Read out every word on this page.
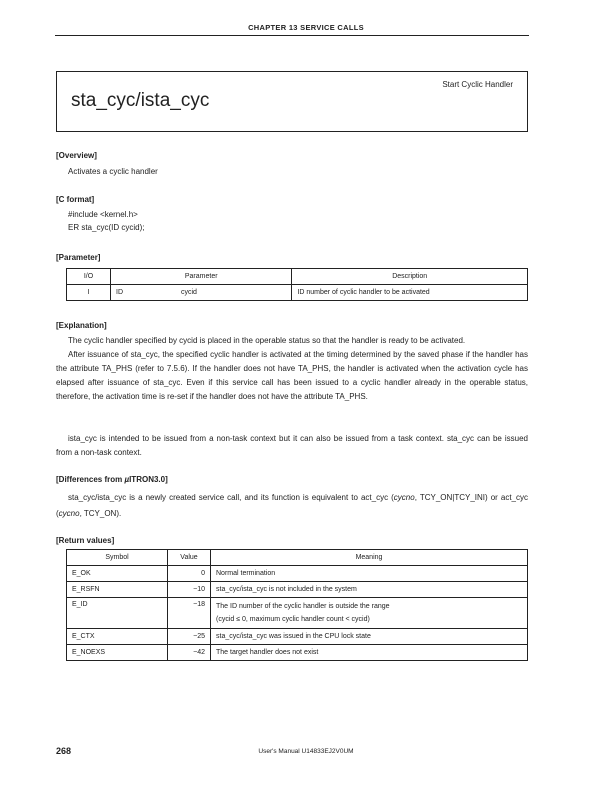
CHAPTER 13 SERVICE CALLS
sta_cyc/ista_cyc
Start Cyclic Handler
[Overview]
Activates a cyclic handler
[C format]
#include <kernel.h>
ER sta_cyc(ID cycid);
[Parameter]
I/O	Parameter		Description
I	ID	cycid	ID number of cyclic handler to be activated
[Explanation]
The cyclic handler specified by cycid is placed in the operable status so that the handler is ready to be activated.
After issuance of sta_cyc, the specified cyclic handler is activated at the timing determined by the saved phase if the handler has the attribute TA_PHS (refer to 7.5.6). If the handler does not have TA_PHS, the handler is activated when the activation cycle has elapsed after issuance of sta_cyc. Even if this service call has been issued to a cyclic handler already in the operable status, therefore, the activation time is re-set if the handler does not have the attribute TA_PHS.
ista_cyc is intended to be issued from a non-task context but it can also be issued from a task context. sta_cyc can be issued from a non-task context.
[Differences from µITRON3.0]
sta_cyc/ista_cyc is a newly created service call, and its function is equivalent to act_cyc (cycno, TCY_ON|TCY_INI) or act_cyc (cycno, TCY_ON).
[Return values]
Symbol	Value	Meaning
E_OK	0	Normal termination
E_RSFN	−10	sta_cyc/ista_cyc is not included in the system
E_ID	−18	The ID number of the cyclic handler is outside the range
(cycid ≤ 0, maximum cyclic handler count < cycid)

E_CTX	−25	sta_cyc/ista_cyc was issued in the CPU lock state
E_NOEXS	−42	The target handler does not exist
268	User's Manual U14833EJ2V0UM
